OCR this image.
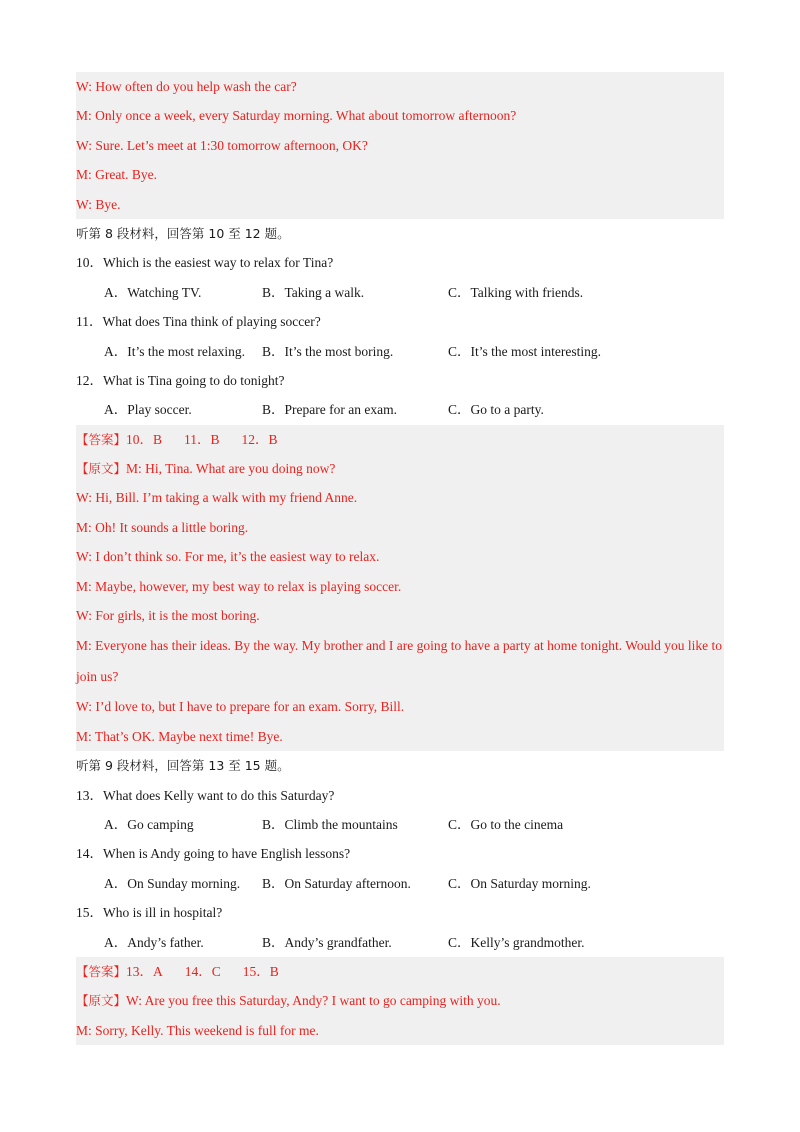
W: How often do you help wash the car?
M: Only once a week, every Saturday morning. What about tomorrow afternoon?
W: Sure. Let’s meet at 1:30 tomorrow afternoon, OK?
M: Great. Bye.
W: Bye.
听第 8 段材料，回答第 10 至 12 题。
10．Which is the easiest way to relax for Tina?
A．Watching TV.	B．Taking a walk.	C．Talking with friends.
11．What does Tina think of playing soccer?
A．It’s the most relaxing. B．It’s the most boring.	C．It’s the most interesting.
12．What is Tina going to do tonight?
A．Play soccer.	B．Prepare for an exam.	C．Go to a party.
【答案】10．B 11．B 12．B
【原文】M: Hi, Tina. What are you doing now?
W: Hi, Bill. I’m taking a walk with my friend Anne.
M: Oh! It sounds a little boring.
W: I don’t think so. For me, it’s the easiest way to relax.
M: Maybe, however, my best way to relax is playing soccer.
W: For girls, it is the most boring.
M: Everyone has their ideas. By the way. My brother and I are going to have a party at home tonight. Would you like to join us?
W: I’d love to, but I have to prepare for an exam. Sorry, Bill.
M: That’s OK. Maybe next time! Bye.
听第 9 段材料，回答第 13 至 15 题。
13．What does Kelly want to do this Saturday?
A．Go camping	B．Climb the mountains	C．Go to the cinema
14．When is Andy going to have English lessons?
A．On Sunday morning. B．On Saturday afternoon.	C．On Saturday morning.
15．Who is ill in hospital?
A．Andy’s father.	B．Andy’s grandfather.	C．Kelly’s grandmother.
【答案】13．A 14．C 15．B
【原文】W: Are you free this Saturday, Andy? I want to go camping with you.
M: Sorry, Kelly. This weekend is full for me.
